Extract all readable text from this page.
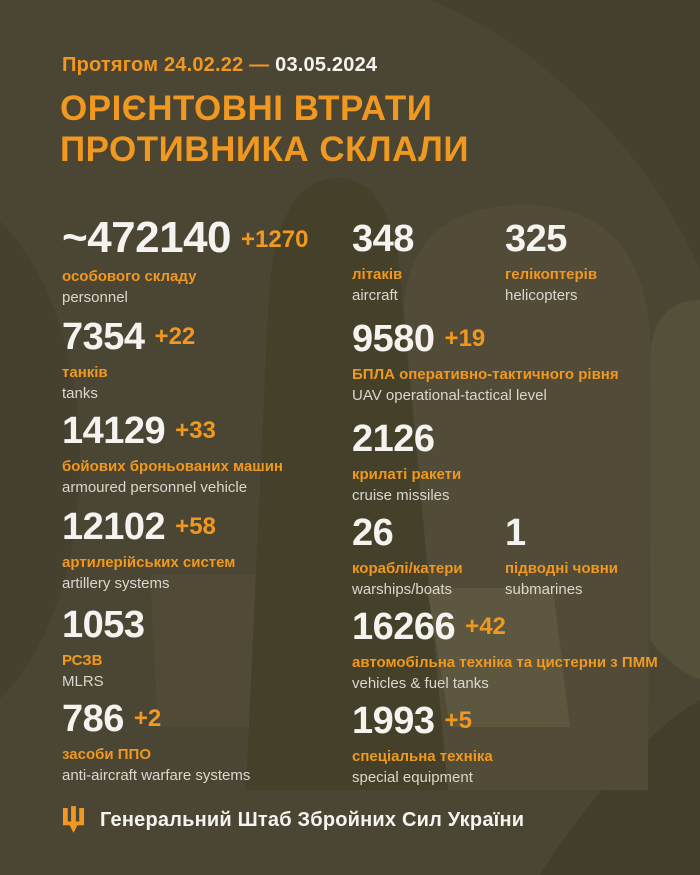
Протягом 24.02.22 — 03.05.2024
ОРІЄНТОВНІ ВТРАТИ
ПРОТИВНИКА СКЛАЛИ
~472140 +1270
особового складу
personnel
7354 +22
танків
tanks
14129 +33
бойових броньованих машин
armoured personnel vehicle
12102 +58
артилерійських систем
artillery systems
1053
РСЗВ
MLRS
786 +2
засоби ППО
anti-aircraft warfare systems
348
літаків
aircraft
325
гелікоптерів
helicopters
9580 +19
БПЛА оперативно-тактичного рівня
UAV operational-tactical level
2126
крилаті ракети
cruise missiles
26
кораблі/катери
warships/boats
1
підводні човни
submarines
16266 +42
автомобільна техніка та цистерни з ПММ
vehicles & fuel tanks
1993 +5
спеціальна техніка
special equipment
Генеральний Штаб Збройних Сил України
